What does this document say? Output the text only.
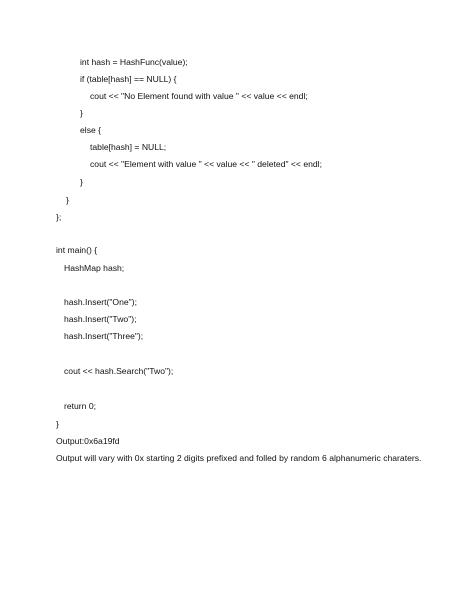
int hash = HashFunc(value);
if (table[hash] == NULL) {
cout << "No Element found with value " << value << endl;
}
else {
table[hash] = NULL;
cout << "Element with value " << value << " deleted" << endl;
}
}
};
int main() {
HashMap hash;
hash.Insert("One");
hash.Insert("Two");
hash.Insert("Three");
cout << hash.Search("Two");
return 0;
}
Output:0x6a19fd
Output will vary with 0x starting 2 digits prefixed and folled by random 6 alphanumeric charaters.
